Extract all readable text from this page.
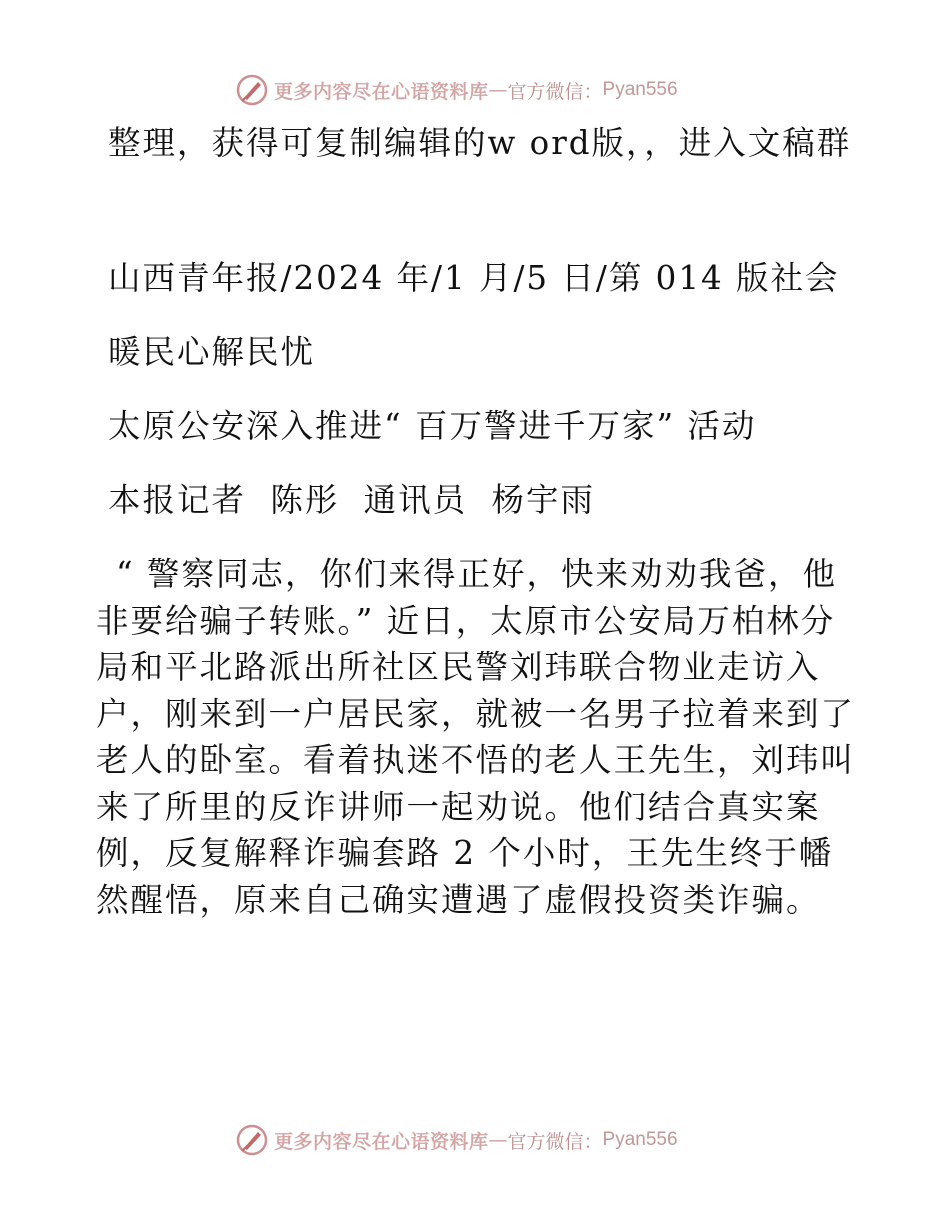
更多内容尽在心语资料库 — 官方微信： Pyan556

整理，获得可复制编辑的w ord版，，进入文稿群

山西青年报/2024 年/1 月/5 日/第 014 版社会

暖民心解民忧

太原公安深入推进“ 百万警进千万家” 活动

本报记者 陈彤 通讯员 杨宇雨

“ 警察同志，你们来得正好，快来劝劝我爸，他非要给骗子转账。” 近日，太原市公安局万柏林分局和平北路派出所社区民警刘玮联合物业走访入户，刚来到一户居民家，就被一名男子拉着来到了老人的卧室。看着执迷不悟的老人王先生，刘玮叫来了所里的反诈讲师一起劝说。他们结合真实案例，反复解释诈骗套路 2 个小时，王先生终于幡然醒悟，原来自己确实遭遇了虚假投资类诈骗。

更多内容尽在心语资料库 — 官方微信： Pyan556
